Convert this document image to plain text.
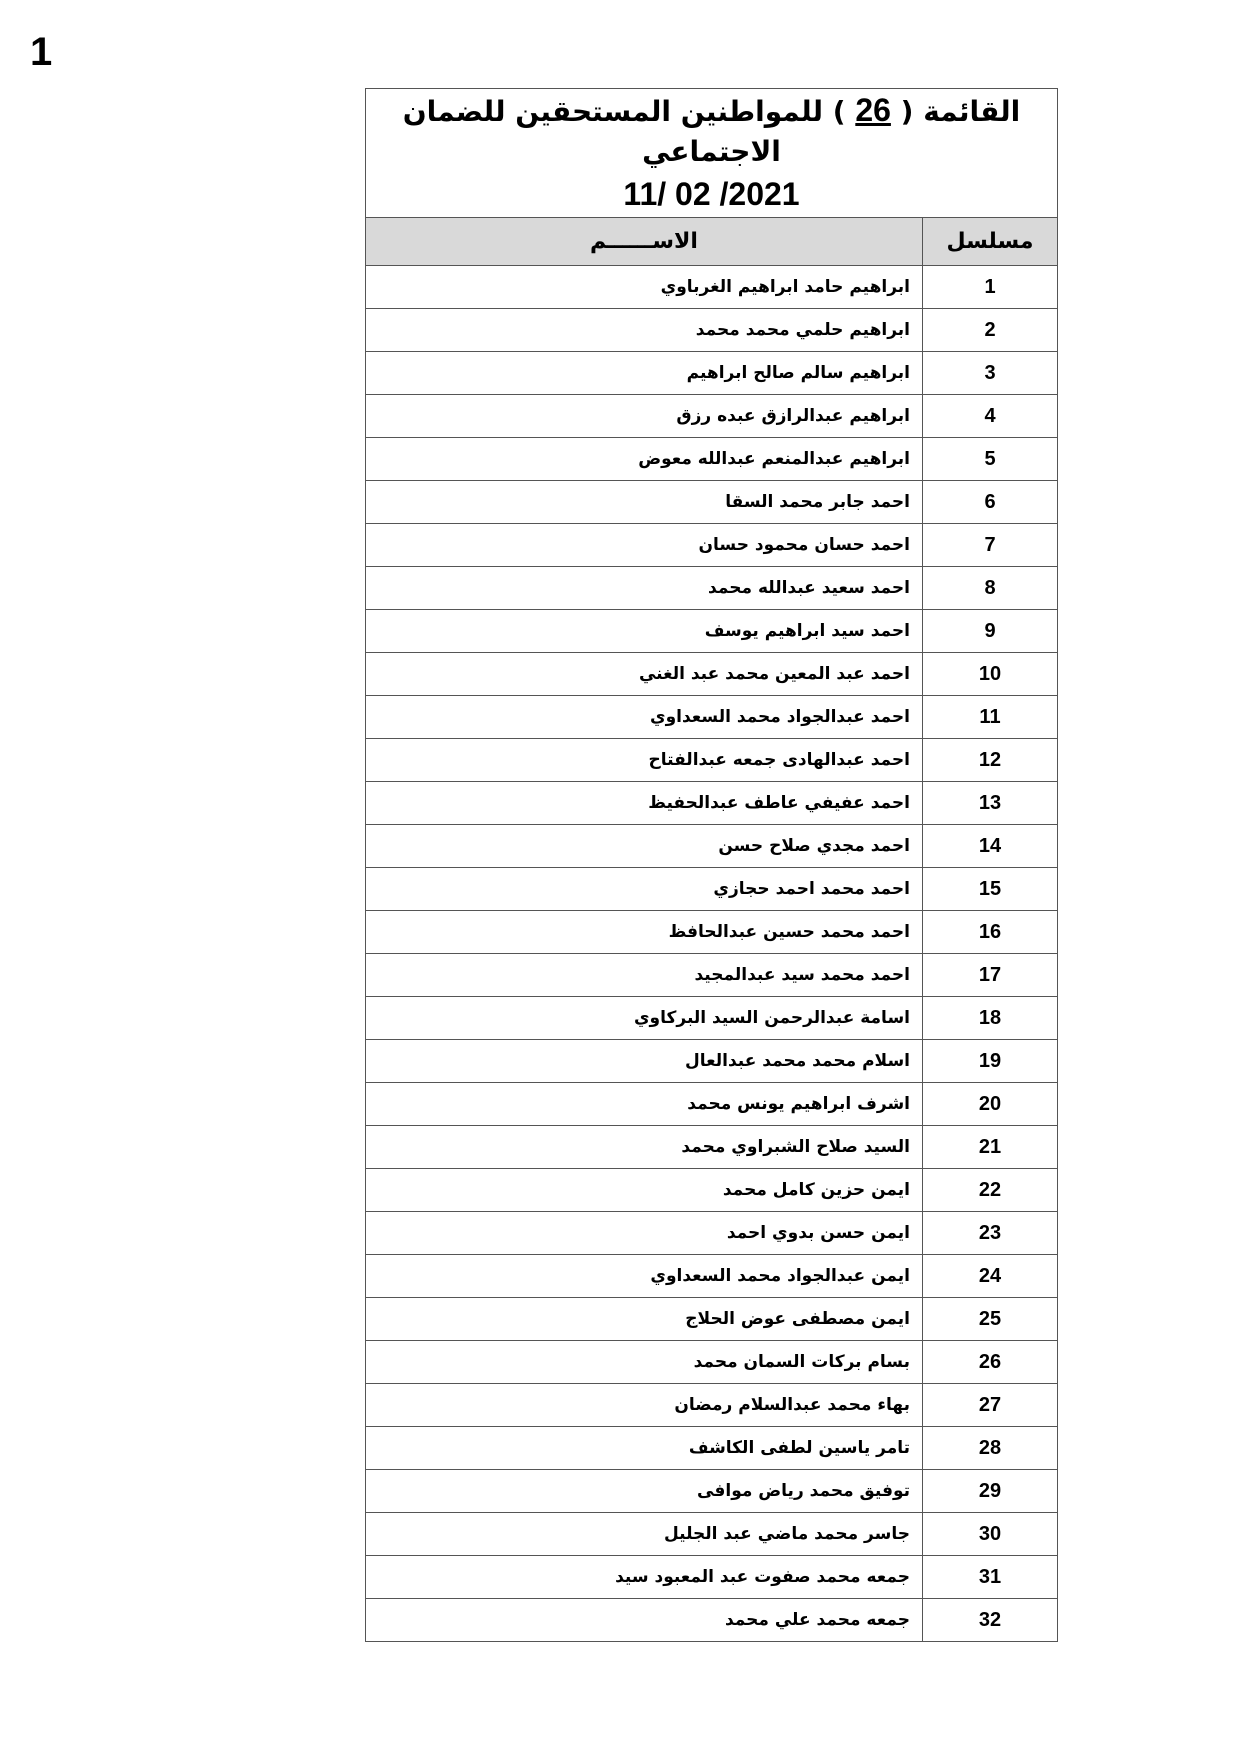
1
القائمة ( 26 ) للمواطنين المستحقين للضمان الاجتماعي
11/ 02 /2021	

مسلسل	الاســــــم
1	ابراهيم حامد ابراهيم الغرباوي
2	ابراهيم حلمي محمد محمد
3	ابراهيم سالم صالح ابراهيم
4	ابراهيم عبدالرازق عبده رزق
5	ابراهيم عبدالمنعم عبدالله معوض
6	احمد جابر محمد السقا
7	احمد حسان محمود حسان
8	احمد سعيد عبدالله محمد
9	احمد سيد ابراهيم يوسف
10	احمد عبد المعين محمد عبد الغني
11	احمد عبدالجواد محمد السعداوي
12	احمد عبدالهادى جمعه عبدالفتاح
13	احمد عفيفي عاطف عبدالحفيظ
14	احمد مجدي صلاح حسن
15	احمد محمد احمد حجازي
16	احمد محمد حسين عبدالحافظ
17	احمد محمد سيد عبدالمجيد
18	اسامة عبدالرحمن السيد البركاوي
19	اسلام محمد محمد عبدالعال
20	اشرف ابراهيم يونس محمد
21	السيد صلاح الشبراوي محمد
22	ايمن حزين كامل محمد
23	ايمن حسن بدوي احمد
24	ايمن عبدالجواد محمد السعداوي
25	ايمن مصطفى عوض الحلاج
26	بسام بركات السمان محمد
27	بهاء محمد عبدالسلام رمضان
28	تامر ياسين لطفى الكاشف
29	توفيق محمد رياض موافى
30	جاسر محمد ماضي عبد الجليل
31	جمعه محمد صفوت عبد المعبود سيد
32	جمعه محمد علي محمد
